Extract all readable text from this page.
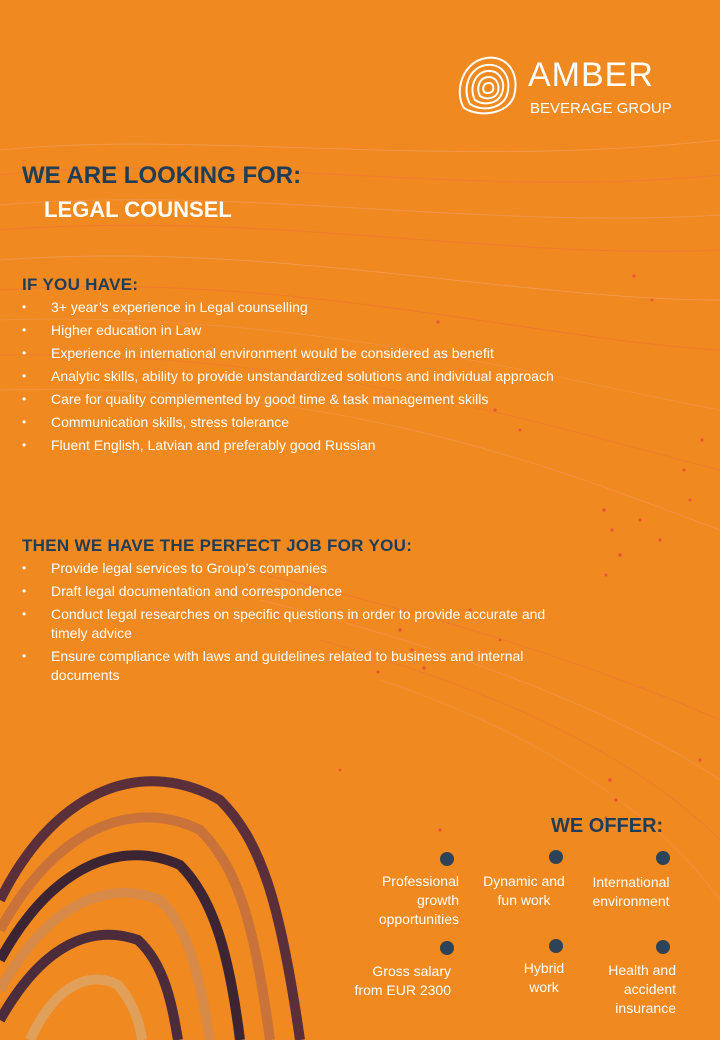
AMBER
BEVERAGE GROUP
WE ARE LOOKING FOR:
LEGAL COUNSEL
IF YOU HAVE:
• 3+ year’s experience in Legal counselling
• Higher education in Law
• Experience in international environment would be considered as benefit
• Analytic skills, ability to provide unstandardized solutions and individual approach
• Care for quality complemented by good time & task management skills
• Communication skills, stress tolerance
• Fluent English, Latvian and preferably good Russian
THEN WE HAVE THE PERFECT JOB FOR YOU:
• Provide legal services to Group’s companies
• Draft legal documentation and correspondence
• Conduct legal researches on specific questions in order to provide accurate and timely advice
• Ensure compliance with laws and guidelines related to business and internal documents
WE OFFER:
Professional growth opportunities
Dynamic and fun work
International environment
Gross salary from EUR 2300
Hybrid work
Health and accident insurance
